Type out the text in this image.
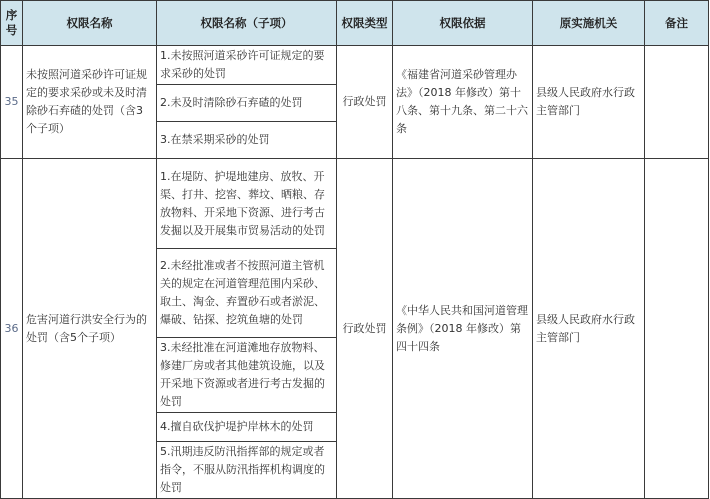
序号	权限名称	权限名称（子项）	权限类型	权限依据	原实施机关	备注
35	未按照河道采砂许可证规定的要求采砂或未及时清除砂石弃碴的处罚（含3个子项）	1.未按照河道采砂许可证规定的要求采砂的处罚	行政处罚	《福建省河道采砂管理办法》（2018 年修改）第十八条、第十九条、第二十六条	县级人民政府水行政主管部门	
		2.未及时清除砂石弃碴的处罚				
		3.在禁采期采砂的处罚				
36	危害河道行洪安全行为的处罚（含5个子项）	1.在堤防、护堤地建房、放牧、开渠、打井、挖窖、葬坟、晒粮、存放物料、开采地下资源、进行考古发掘以及开展集市贸易活动的处罚	行政处罚	《中华人民共和国河道管理条例》（2018 年修改）第四十四条	县级人民政府水行政主管部门	
		2.未经批准或者不按照河道主管机关的规定在河道管理范围内采砂、取土、淘金、弃置砂石或者淤泥、爆破、钻探、挖筑鱼塘的处罚				
		3.未经批准在河道滩地存放物料、修建厂房或者其他建筑设施，以及开采地下资源或者进行考古发掘的处罚				
		4.擅自砍伐护堤护岸林木的处罚				
		5.汛期违反防汛指挥部的规定或者指令，不服从防汛指挥机构调度的处罚				
